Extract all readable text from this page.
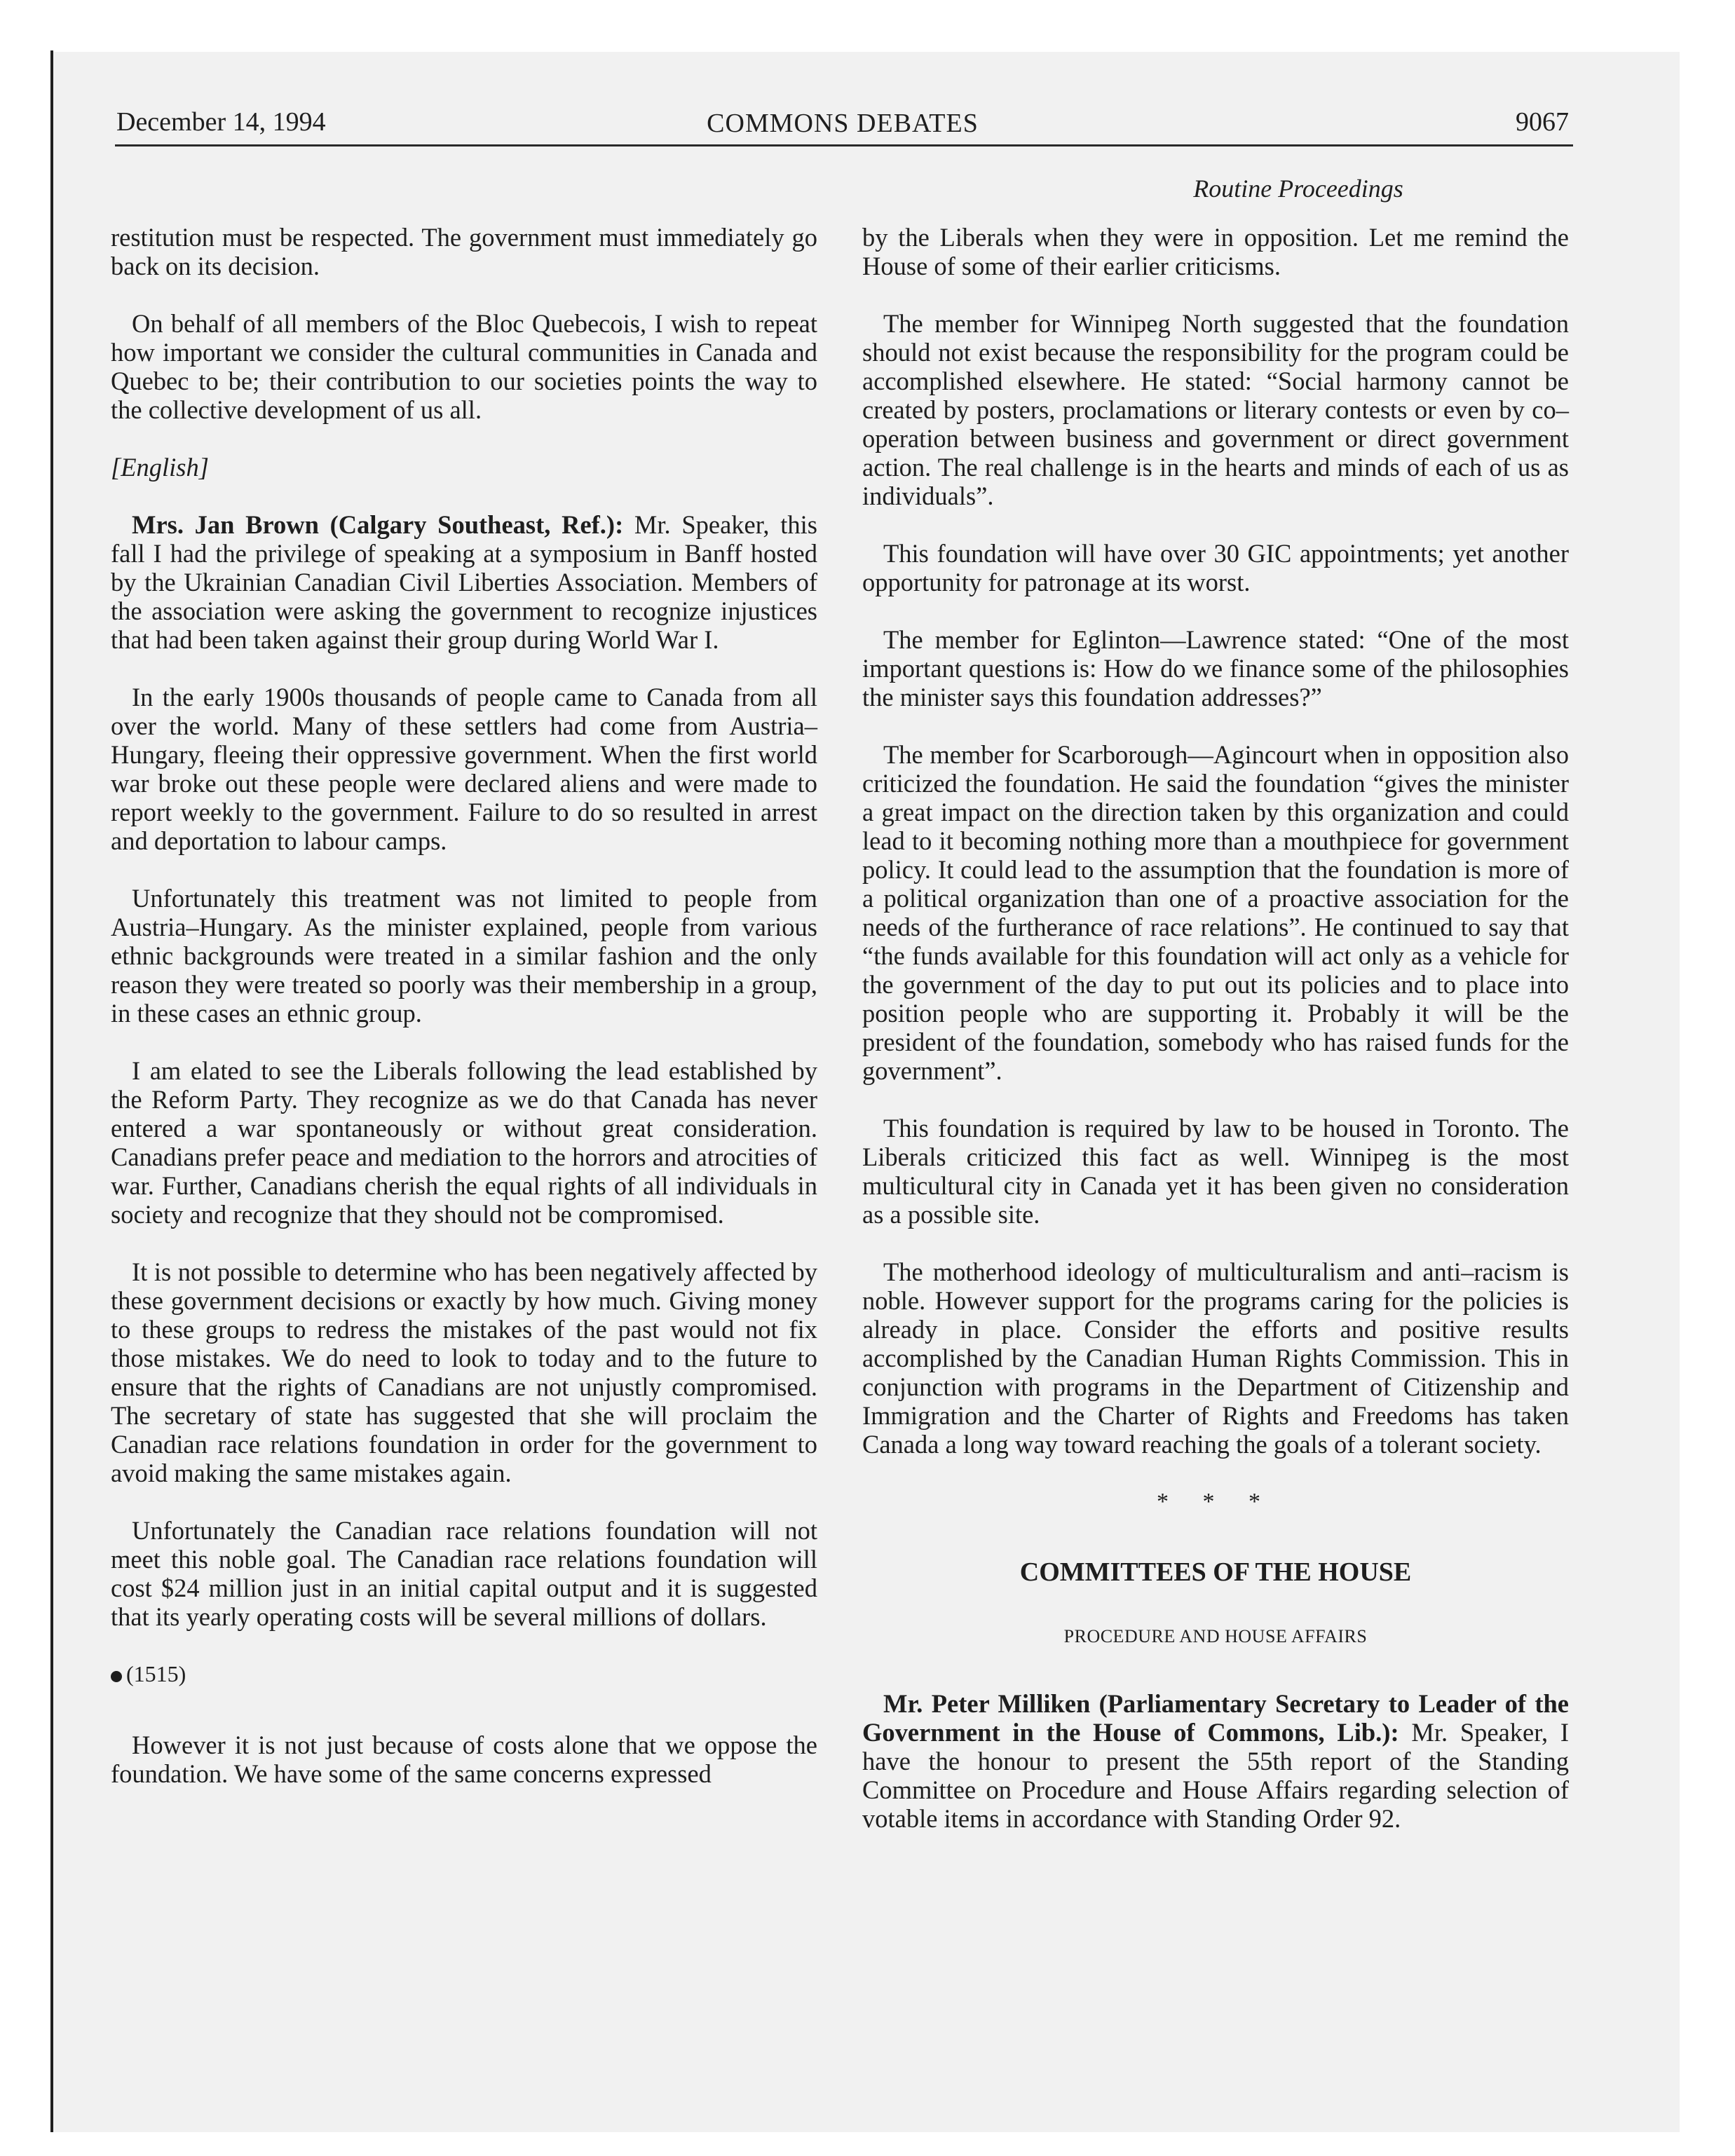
December 14, 1994	COMMONS DEBATES	9067
Routine Proceedings

restitution must be respected. The government must immediately go back on its decision.

On behalf of all members of the Bloc Quebecois, I wish to repeat how important we consider the cultural communities in Canada and Quebec to be; their contribution to our societies points the way to the collective development of us all.

[English]

Mrs. Jan Brown (Calgary Southeast, Ref.): Mr. Speaker, this fall I had the privilege of speaking at a symposium in Banff hosted by the Ukrainian Canadian Civil Liberties Association. Members of the association were asking the government to recognize injustices that had been taken against their group during World War I.

In the early 1900s thousands of people came to Canada from all over the world. Many of these settlers had come from Austria–Hungary, fleeing their oppressive government. When the first world war broke out these people were declared aliens and were made to report weekly to the government. Failure to do so resulted in arrest and deportation to labour camps.

Unfortunately this treatment was not limited to people from Austria–Hungary. As the minister explained, people from various ethnic backgrounds were treated in a similar fashion and the only reason they were treated so poorly was their membership in a group, in these cases an ethnic group.

I am elated to see the Liberals following the lead established by the Reform Party. They recognize as we do that Canada has never entered a war spontaneously or without great consideration. Canadians prefer peace and mediation to the horrors and atrocities of war. Further, Canadians cherish the equal rights of all individuals in society and recognize that they should not be compromised.

It is not possible to determine who has been negatively affected by these government decisions or exactly by how much. Giving money to these groups to redress the mistakes of the past would not fix those mistakes. We do need to look to today and to the future to ensure that the rights of Canadians are not unjustly compromised. The secretary of state has suggested that she will proclaim the Canadian race relations foundation in order for the government to avoid making the same mistakes again.

Unfortunately the Canadian race relations foundation will not meet this noble goal. The Canadian race relations foundation will cost $24 million just in an initial capital output and it is suggested that its yearly operating costs will be several millions of dollars.

(1515)

However it is not just because of costs alone that we oppose the foundation. We have some of the same concerns expressed

by the Liberals when they were in opposition. Let me remind the House of some of their earlier criticisms.

The member for Winnipeg North suggested that the foundation should not exist because the responsibility for the program could be accomplished elsewhere. He stated: “Social harmony cannot be created by posters, proclamations or literary contests or even by co–operation between business and government or direct government action. The real challenge is in the hearts and minds of each of us as individuals”.

This foundation will have over 30 GIC appointments; yet another opportunity for patronage at its worst.

The member for Eglinton—Lawrence stated: “One of the most important questions is: How do we finance some of the philosophies the minister says this foundation addresses?”

The member for Scarborough—Agincourt when in opposition also criticized the foundation. He said the foundation “gives the minister a great impact on the direction taken by this organization and could lead to it becoming nothing more than a mouthpiece for government policy. It could lead to the assumption that the foundation is more of a political organization than one of a proactive association for the needs of the furtherance of race relations”. He continued to say that “the funds available for this foundation will act only as a vehicle for the government of the day to put out its policies and to place into position people who are supporting it. Probably it will be the president of the foundation, somebody who has raised funds for the government”.

This foundation is required by law to be housed in Toronto. The Liberals criticized this fact as well. Winnipeg is the most multicultural city in Canada yet it has been given no consideration as a possible site.

The motherhood ideology of multiculturalism and anti–racism is noble. However support for the programs caring for the policies is already in place. Consider the efforts and positive results accomplished by the Canadian Human Rights Commission. This in conjunction with programs in the Department of Citizenship and Immigration and the Charter of Rights and Freedoms has taken Canada a long way toward reaching the goals of a tolerant society.

* * *
COMMITTEES OF THE HOUSE
PROCEDURE AND HOUSE AFFAIRS

Mr. Peter Milliken (Parliamentary Secretary to Leader of the Government in the House of Commons, Lib.): Mr. Speaker, I have the honour to present the 55th report of the Standing Committee on Procedure and House Affairs regarding selection of votable items in accordance with Standing Order 92.
